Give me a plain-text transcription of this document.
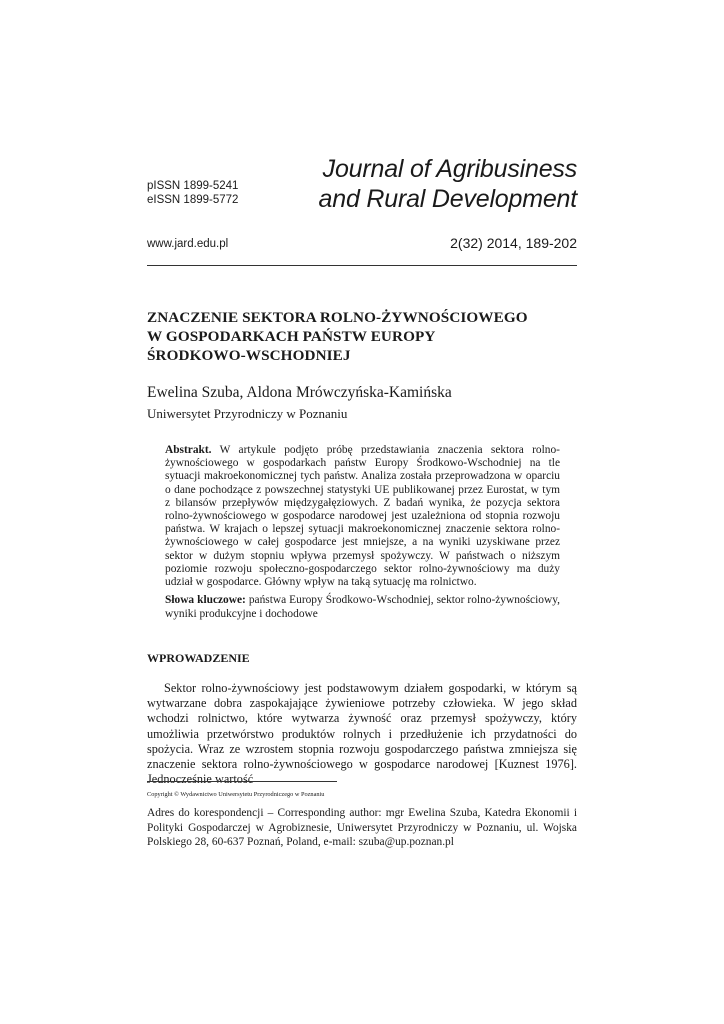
pISSN 1899-5241
eISSN 1899-5772
Journal of Agribusiness
and Rural Development
www.jard.edu.pl	2(32) 2014, 189-202
ZNACZENIE SEKTORA ROLNO-ŻYWNOŚCIOWEGO
W GOSPODARKACH PAŃSTW EUROPY
ŚRODKOWO-WSCHODNIEJ
Ewelina Szuba, Aldona Mrówczyńska-Kamińska
Uniwersytet Przyrodniczy w Poznaniu
Abstrakt. W artykule podjęto próbę przedstawiania znaczenia sektora rolno-żywnościowego w gospodarkach państw Europy Środkowo-Wschodniej na tle sytuacji makroekonomicznej tych państw. Analiza została przeprowadzona w oparciu o dane pochodzące z powszechnej statystyki UE publikowanej przez Eurostat, w tym z bilansów przepływów międzygałęziowych. Z badań wynika, że pozycja sektora rolno-żywnościowego w gospodarce narodowej jest uzależniona od stopnia rozwoju państwa. W krajach o lepszej sytuacji makroekonomicznej znaczenie sektora rolno-żywnościowego w całej gospodarce jest mniejsze, a na wyniki uzyskiwane przez sektor w dużym stopniu wpływa przemysł spożywczy. W państwach o niższym poziomie rozwoju społeczno-gospodarczego sektor rolno-żywnościowy ma duży udział w gospodarce. Główny wpływ na taką sytuację ma rolnictwo.
Słowa kluczowe: państwa Europy Środkowo-Wschodniej, sektor rolno-żywnościowy, wyniki produkcyjne i dochodowe
WPROWADZENIE
Sektor rolno-żywnościowy jest podstawowym działem gospodarki, w którym są wytwarzane dobra zaspokajające żywieniowe potrzeby człowieka. W jego skład wchodzi rolnictwo, które wytwarza żywność oraz przemysł spożywczy, który umożliwia przetwórstwo produktów rolnych i przedłużenie ich przydatności do spożycia. Wraz ze wzrostem stopnia rozwoju gospodarczego państwa zmniejsza się znaczenie sektora rolno-żywnościowego w gospodarce narodowej [Kuznest 1976]. Jednocześnie wartość
Copyright © Wydawnictwo Uniwersytetu Przyrodniczego w Poznaniu
Adres do korespondencji – Corresponding author: mgr Ewelina Szuba, Katedra Ekonomii i Polityki Gospodarczej w Agrobiznesie, Uniwersytet Przyrodniczy w Poznaniu, ul. Wojska Polskiego 28, 60-637 Poznań, Poland, e-mail: szuba@up.poznan.pl
